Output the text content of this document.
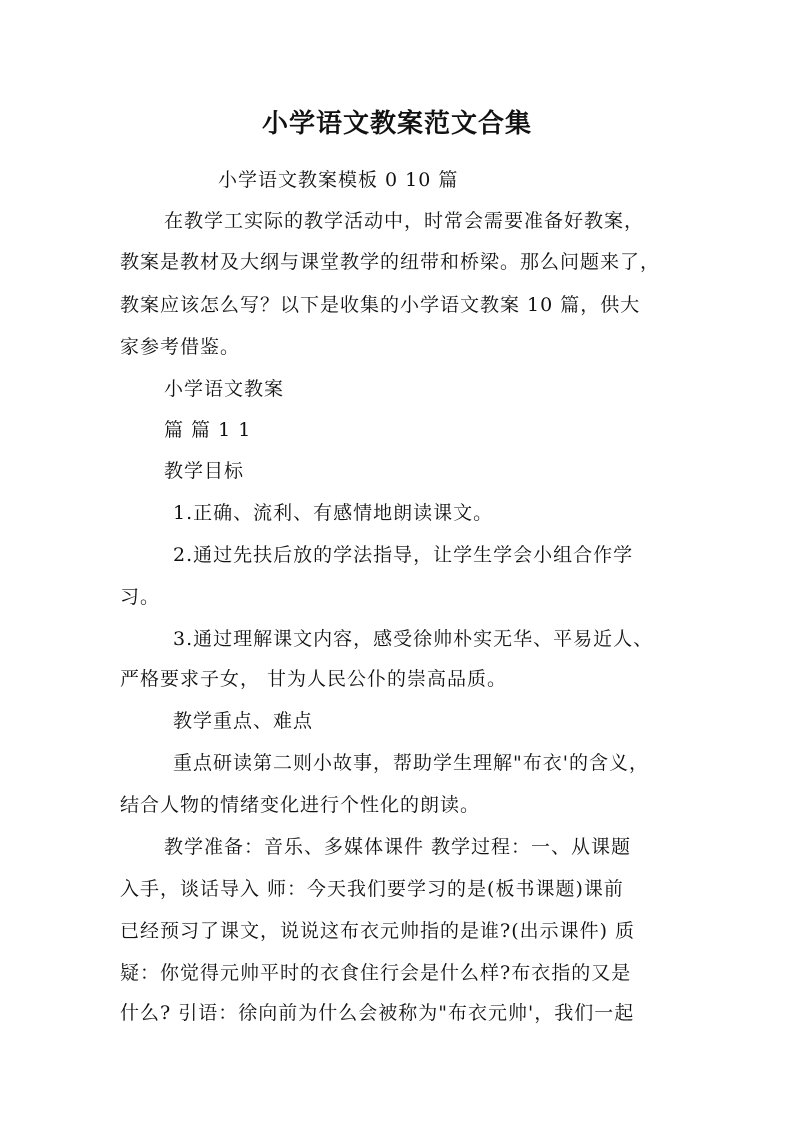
小学语文教案范文合集

小学语文教案模板 0 10 篇

在教学工实际的教学活动中，时常会需要准备好教案，

教案是教材及大纲与课堂教学的纽带和桥梁。那么问题来了，

教案应该怎么写？以下是收集的小学语文教案 10 篇，供大

家参考借鉴。

小学语文教案

篇 篇 1 1

教学目标

1.正确、流利、有感情地朗读课文。

2.通过先扶后放的学法指导，让学生学会小组合作学

习。

3.通过理解课文内容，感受徐帅朴实无华、平易近人、

严格要求子女， 甘为人民公仆的崇高品质。

教学重点、难点

重点研读第二则小故事，帮助学生理解"布衣'的含义，

结合人物的情绪变化进行个性化的朗读。

教学准备：音乐、多媒体课件 教学过程：一、从课题

入手，谈话导入 师：今天我们要学习的是(板书课题)课前

已经预习了课文，说说这布衣元帅指的是谁?(出示课件) 质

疑：你觉得元帅平时的衣食住行会是什么样?布衣指的又是

什么? 引语：徐向前为什么会被称为"布衣元帅'，我们一起
